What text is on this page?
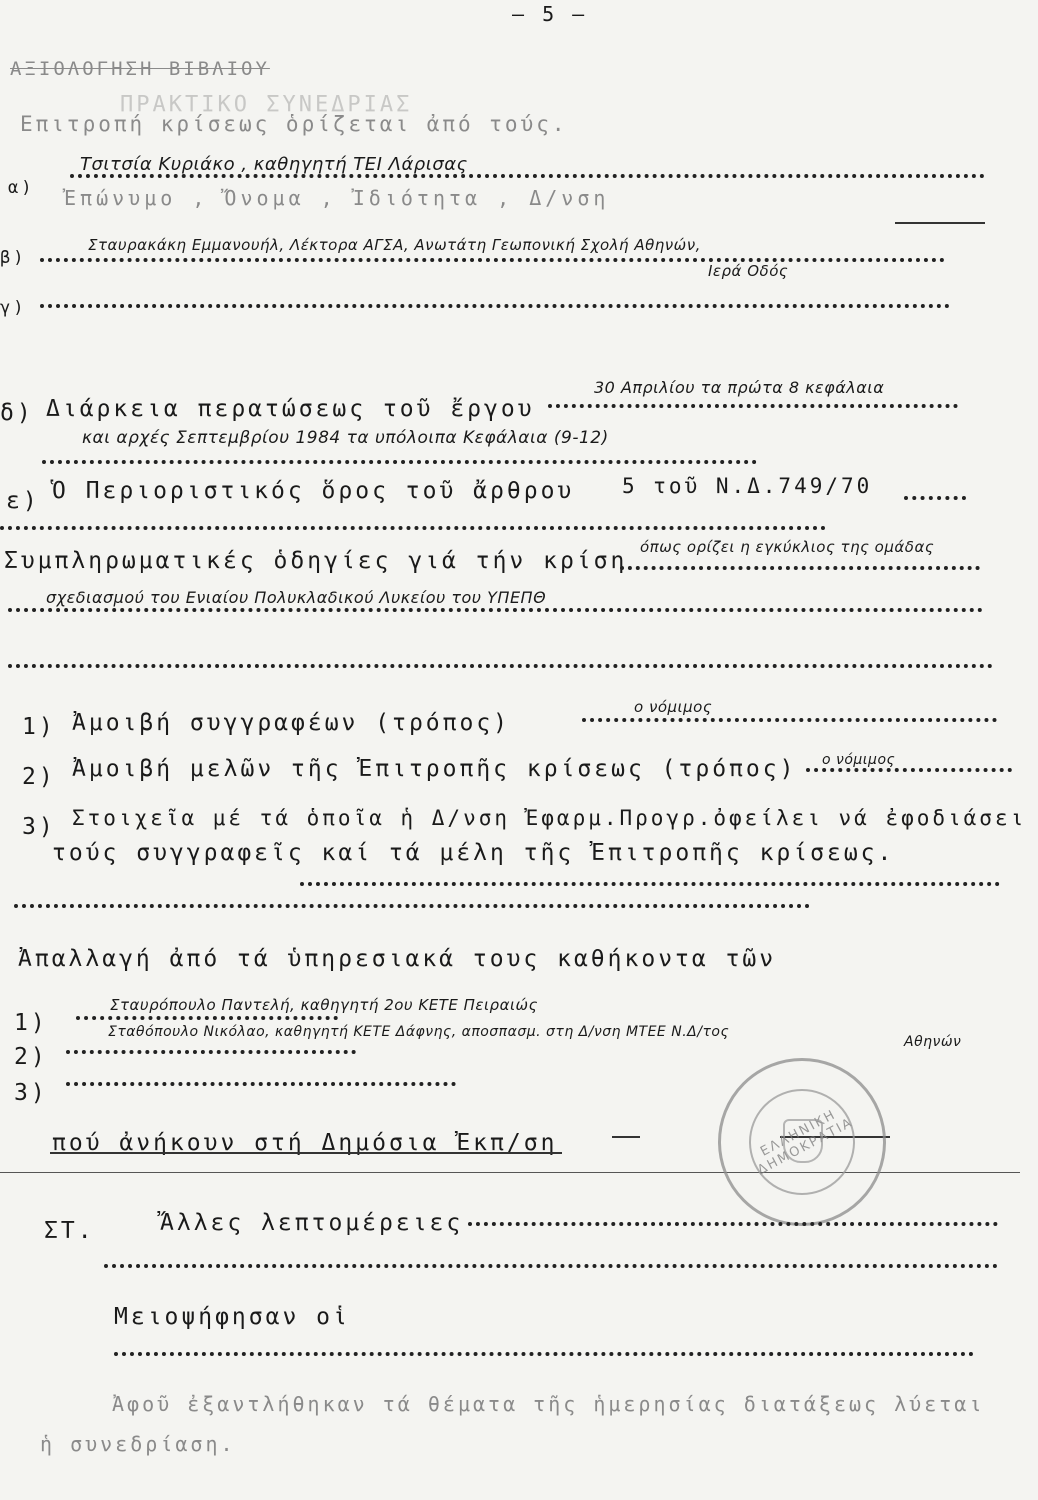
— 5 —
ΑΞΙΟΛΟΓΗΣΗ ΒΙΒΛΙΟΥ
ΠΡΑΚΤΙΚΟ ΣΥΝΕΔΡΙΑΣ
Επιτροπή κρίσεως ὁρίζεται ἀπό τούς.
Τσιτσία Κυριάκο , καθηγητή ΤΕΙ Λάρισας
α) Ἐπώνυμο , Ὄνομα , Ἰδιότητα , Δ/νση
β)
Σταυρακάκη Εμμανουήλ, Λέκτορα ΑΓΣΑ, Ανωτάτη Γεωπονική Σχολή Αθηνών,
Ιερά Οδός
γ)
30 Απριλίου τα πρώτα 8 κεφάλαια
δ) Διάρκεια περατώσεως τοῦ ἔργου
και αρχές Σεπτεμβρίου 1984 τα υπόλοιπα Κεφάλαια (9-12)
ε) Ὁ Περιοριστικός ὅρος τοῦ ἄρθρου 5 τοῦ Ν.Δ.749/70
όπως ορίζει η εγκύκλιος της ομάδας
Συμπληρωματικές ὁδηγίες γιά τήν κρίση
σχεδιασμού του Ενιαίου Πολυκλαδικού Λυκείου του ΥΠΕΠΘ
1) Ἀμοιβή συγγραφέων (τρόπος)
ο νόμιμος
2) Ἀμοιβή μελῶν τῆς Ἐπιτροπῆς κρίσεως (τρόπος) ο νόμιμος
3) Στοιχεῖα μέ τά ὁποῖα ἡ Δ/νση Ἐφαρμ.Προγρ.ὀφείλει νά ἐφοδιάσει
τούς συγγραφεῖς καί τά μέλη τῆς Ἐπιτροπῆς κρίσεως.
Ἀπαλλαγή ἀπό τά ὑπηρεσιακά τους καθήκοντα τῶν
1)
Σταυρόπουλο Παντελή, καθηγητή 2ου ΚΕΤΕ Πειραιώς
2)
Σταθόπουλο Νικόλαο, καθηγητή ΚΕΤΕ Δάφνης, αποσπασμ. στη Δ/νση ΜΤΕΕ Ν.Δ/τος
Αθηνών
3)
πού ἀνήκουν στή Δημόσια Ἐκπ/ση	ΕΛΛΗΝΙΚΗ ΔΗΜΟΚΡΑΤΙΑ
ΣΤ.	Ἄλλες λεπτομέρειες
Μειοψήφησαν οἱ
Ἀφοῦ ἐξαντλήθηκαν τά θέματα τῆς ἡμερησίας διατάξεως λύεται
ἡ συνεδρίαση.
